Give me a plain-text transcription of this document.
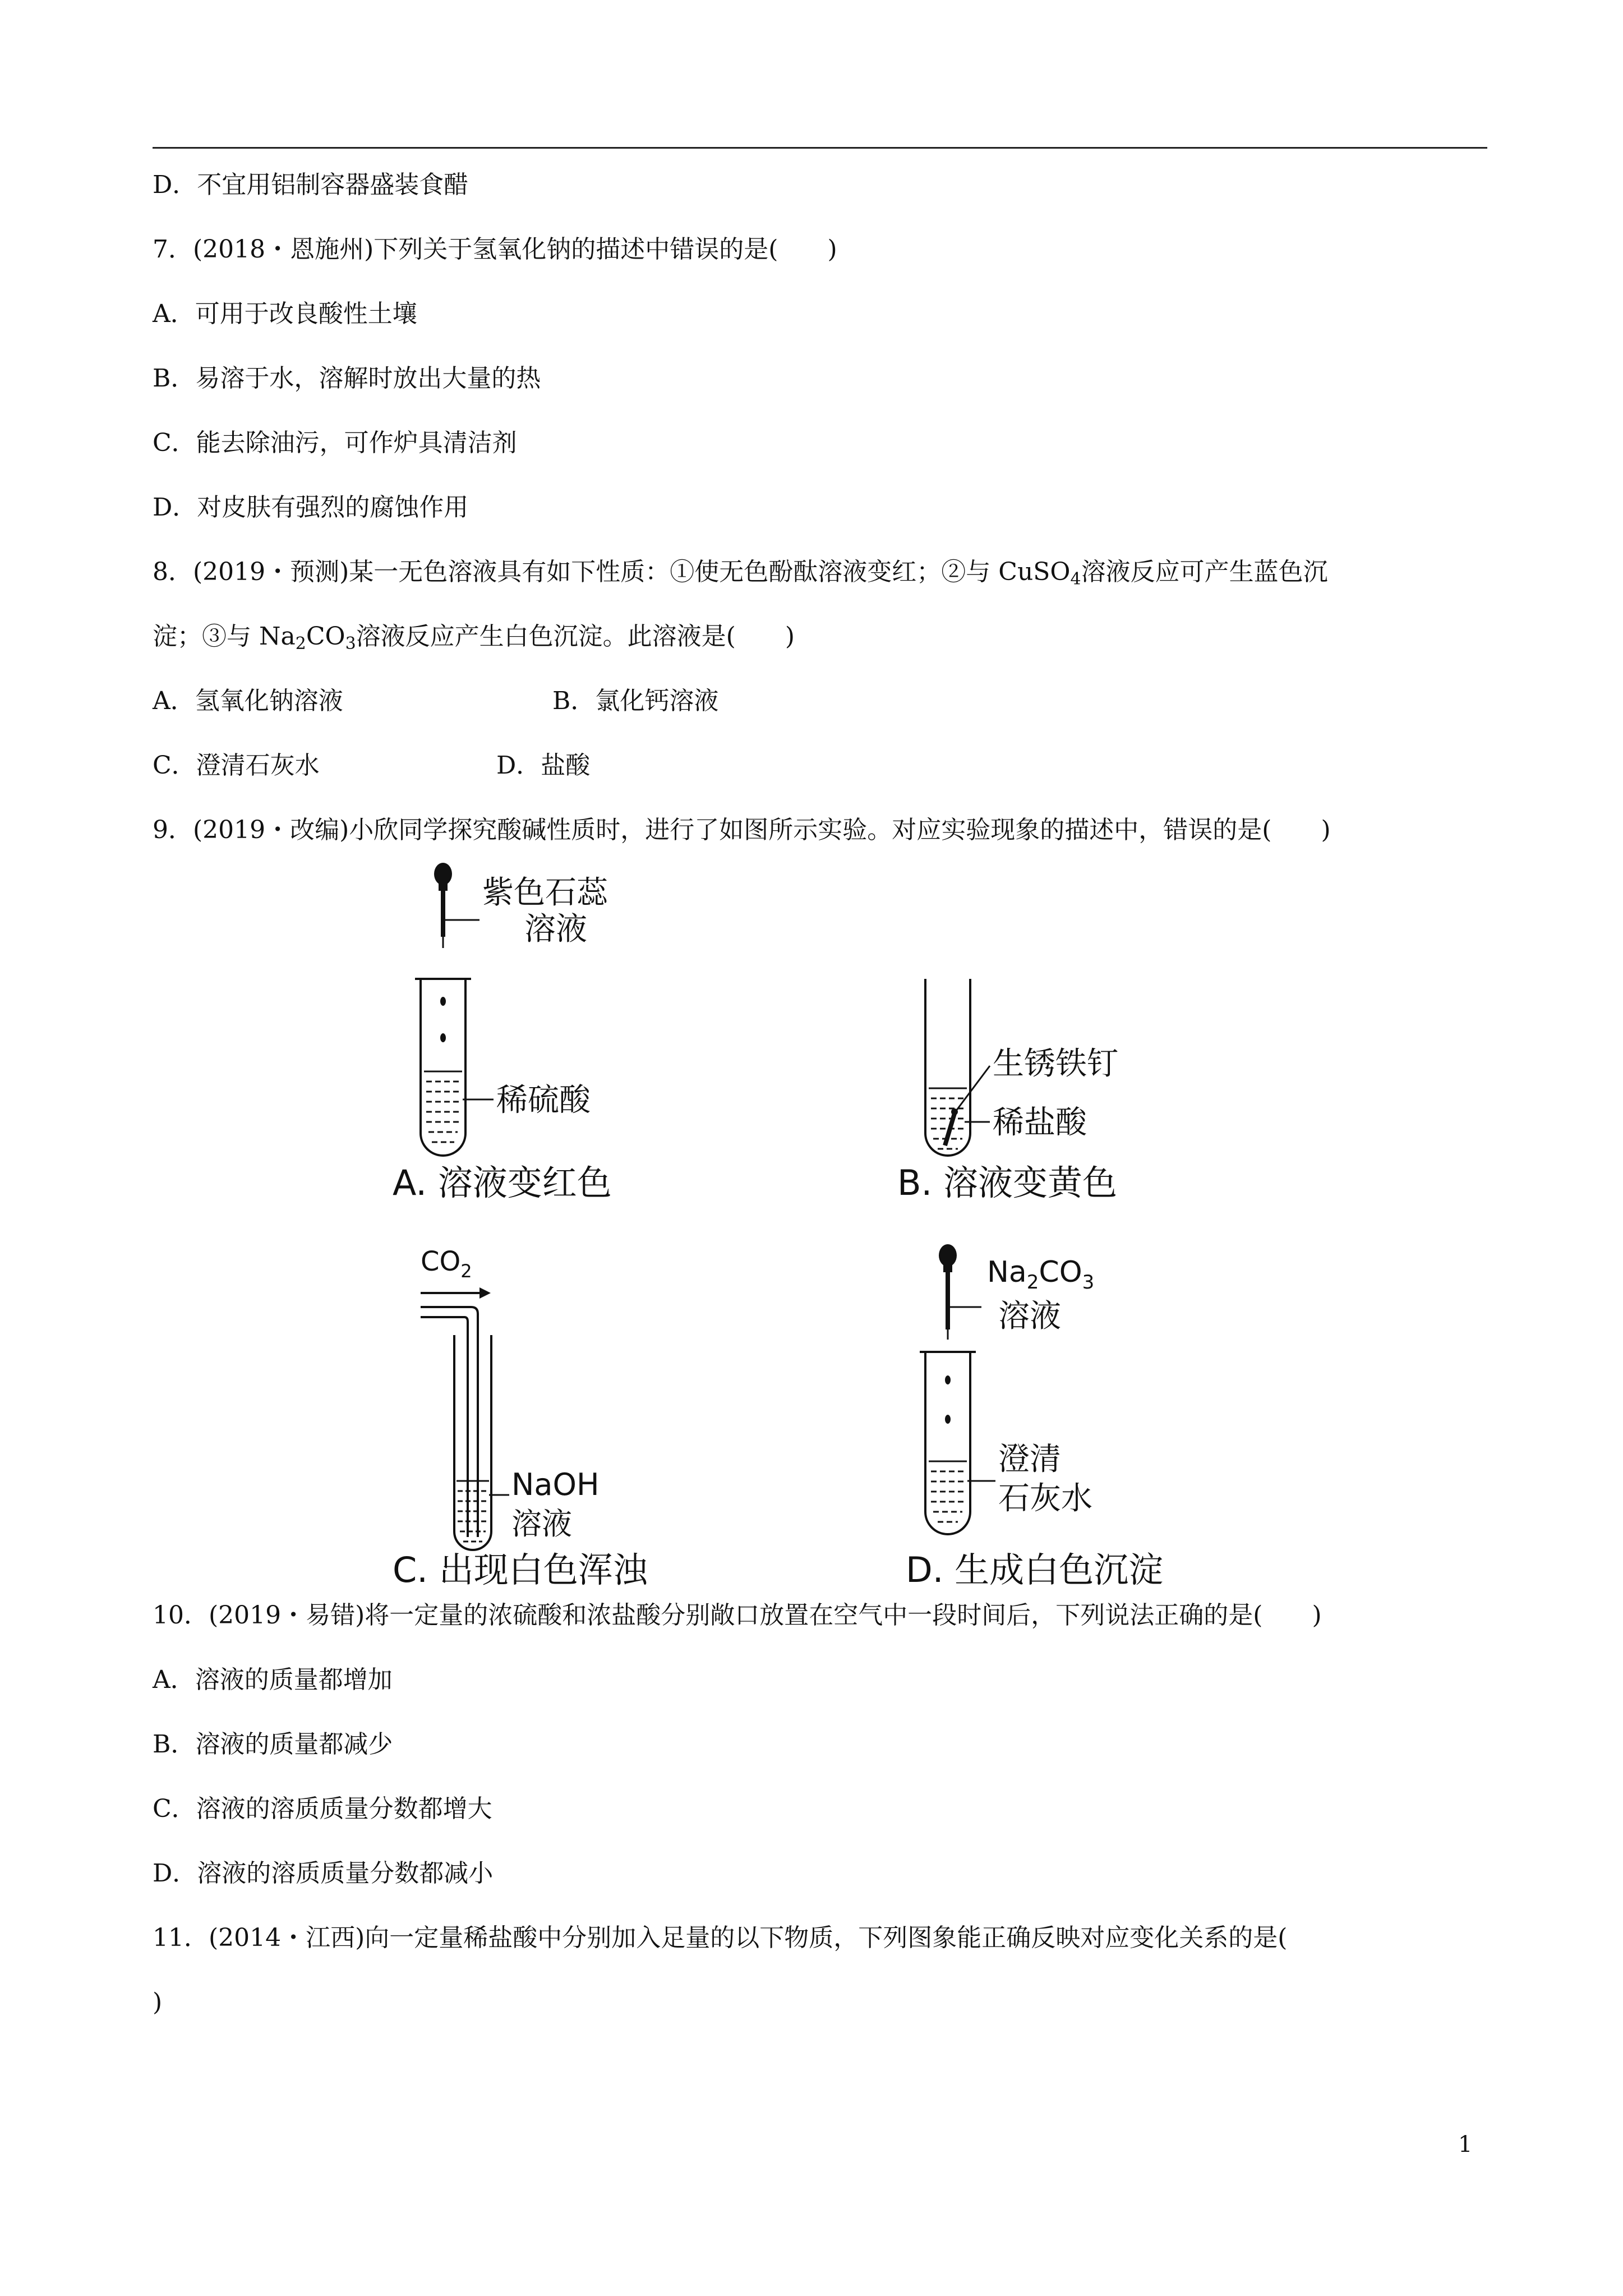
D．不宜用铝制容器盛装食醋
7．(2018・恩施州)下列关于氢氧化钠的描述中错误的是(　　)
A．可用于改良酸性土壤
B．易溶于水，溶解时放出大量的热
C．能去除油污，可作炉具清洁剂
D．对皮肤有强烈的腐蚀作用
8．(2019・预测)某一无色溶液具有如下性质：①使无色酚酞溶液变红；②与 CuSO$_4$溶液反应可产生蓝色沉
淀；③与 $Na_2CO_3$溶液反应产生白色沉淀。此溶液是(　　)
A．氢氧化钠溶液	B．氯化钙溶液
C．澄清石灰水	D．盐酸
9．(2019・改编)小欣同学探究酸碱性质时，进行了如图所示实验。对应实验现象的描述中，错误的是(　　)
紫色石蕊
溶液
稀硫酸
A. 溶液变红色
生锈铁钉
稀盐酸
B. 溶液变黄色
$CO_2$
NaOH
溶液
C. 出现白色浑浊
$Na_2CO_3$
溶液
澄清
石灰水
D. 生成白色沉淀
10．(2019・易错)将一定量的浓硫酸和浓盐酸分别敞口放置在空气中一段时间后，下列说法正确的是(　　)
A．溶液的质量都增加
B．溶液的质量都减少
C．溶液的溶质质量分数都增大
D．溶液的溶质质量分数都减小
11．(2014・江西)向一定量稀盐酸中分别加入足量的以下物质，下列图象能正确反映对应变化关系的是(
)
1
